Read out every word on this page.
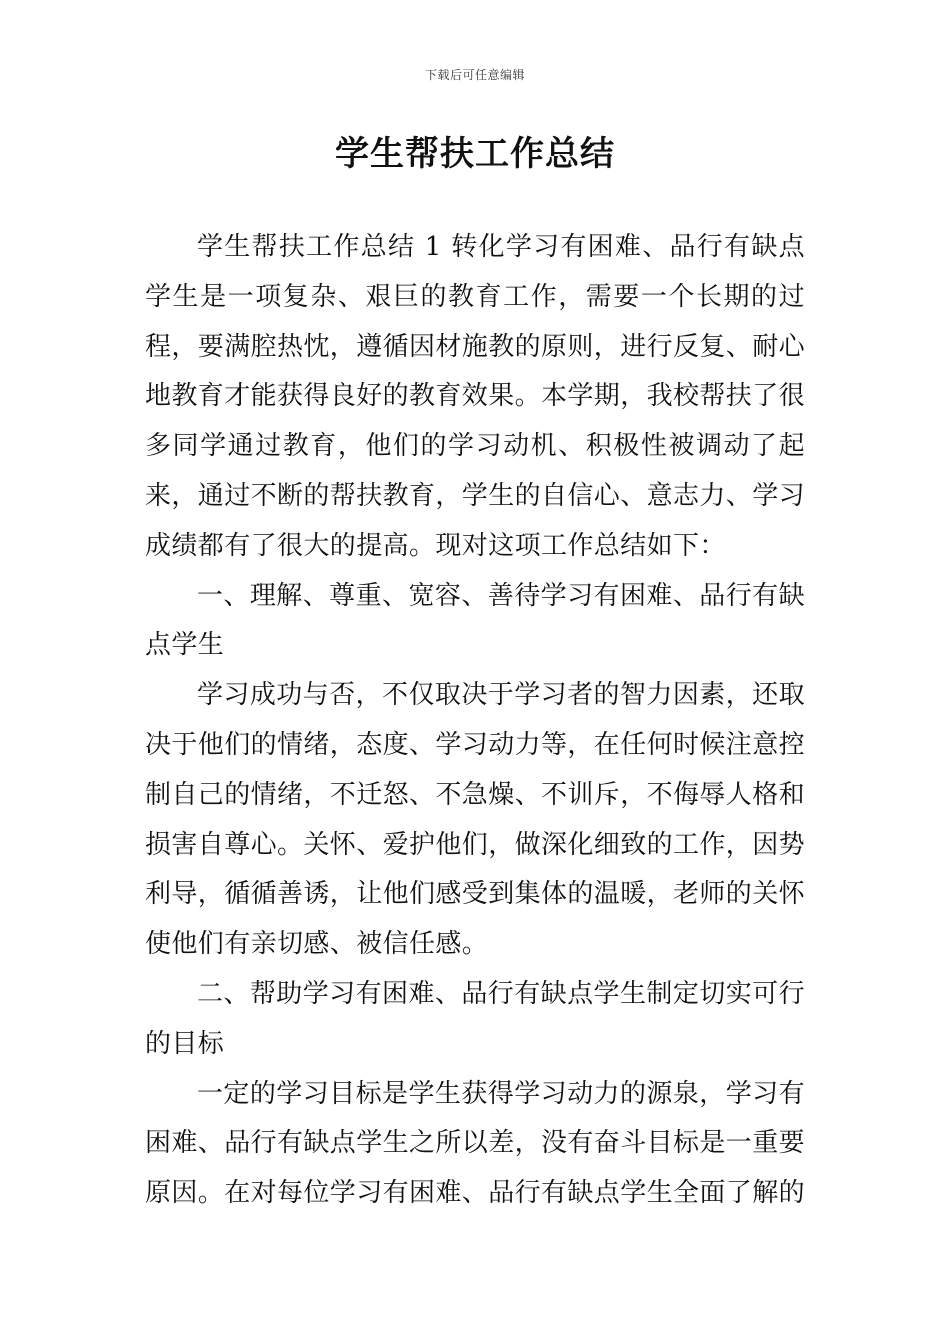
下载后可任意编辑
学生帮扶工作总结

学生帮扶工作总结 1 转化学习有困难、品行有缺点学生是一项复杂、艰巨的教育工作，需要一个长期的过程，要满腔热忱，遵循因材施教的原则，进行反复、耐心地教育才能获得良好的教育效果。本学期，我校帮扶了很多同学通过教育，他们的学习动机、积极性被调动了起来，通过不断的帮扶教育，学生的自信心、意志力、学习成绩都有了很大的提高。现对这项工作总结如下：

一、理解、尊重、宽容、善待学习有困难、品行有缺点学生

学习成功与否，不仅取决于学习者的智力因素，还取决于他们的情绪，态度、学习动力等，在任何时候注意控制自己的情绪，不迁怒、不急燥、不训斥，不侮辱人格和损害自尊心。关怀、爱护他们，做深化细致的工作，因势利导，循循善诱，让他们感受到集体的温暖，老师的关怀使他们有亲切感、被信任感。

二、帮助学习有困难、品行有缺点学生制定切实可行的目标

一定的学习目标是学生获得学习动力的源泉，学习有困难、品行有缺点学生之所以差，没有奋斗目标是一重要原因。在对每位学习有困难、品行有缺点学生全面了解的
